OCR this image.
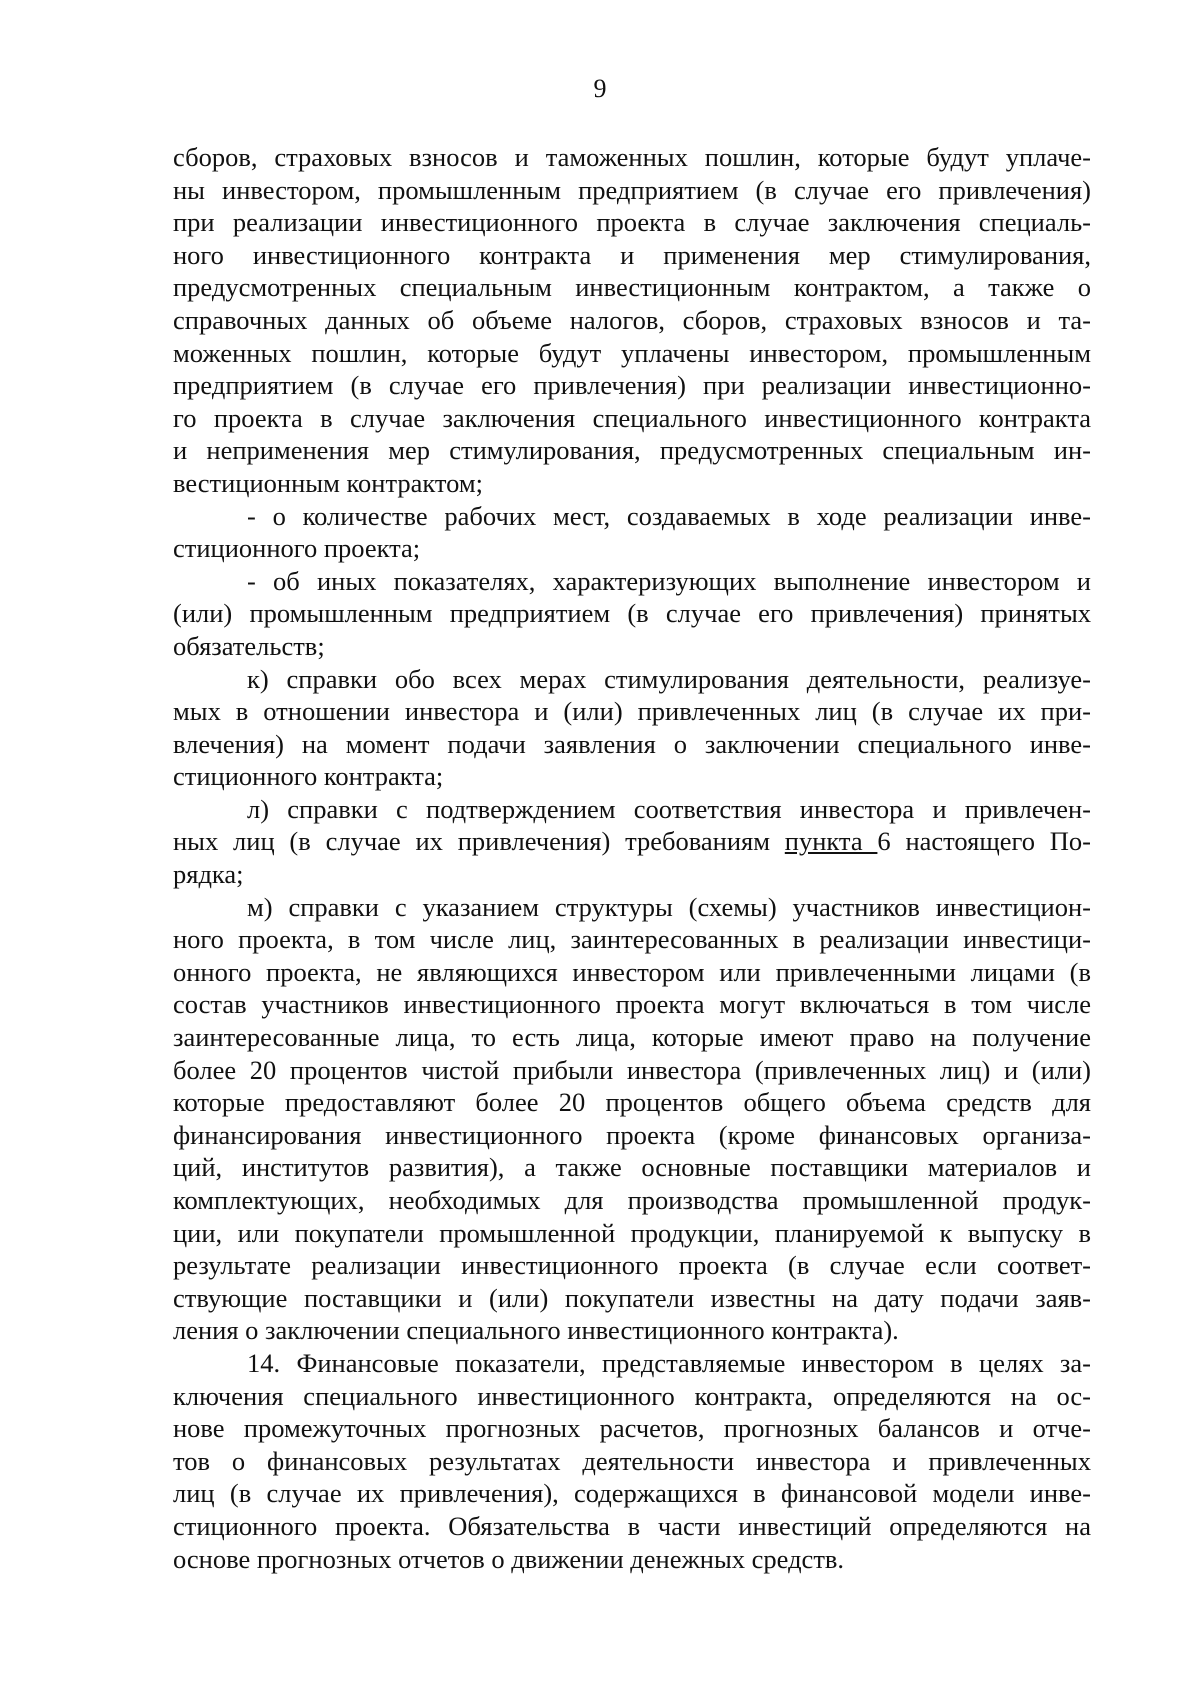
9
сборов, страховых взносов и таможенных пошлин, которые будут уплаче-
ны инвестором, промышленным предприятием (в случае его привлечения)
при реализации инвестиционного проекта в случае заключения специаль-
ного инвестиционного контракта и применения мер стимулирования,
предусмотренных специальным инвестиционным контрактом, а также о
справочных данных об объеме налогов, сборов, страховых взносов и та-
моженных пошлин, которые будут уплачены инвестором, промышленным
предприятием (в случае его привлечения) при реализации инвестиционно-
го проекта в случае заключения специального инвестиционного контракта
и неприменения мер стимулирования, предусмотренных специальным ин-
вестиционным контрактом;
- о количестве рабочих мест, создаваемых в ходе реализации инве-
стиционного проекта;
- об иных показателях, характеризующих выполнение инвестором и
(или) промышленным предприятием (в случае его привлечения) принятых
обязательств;
к) справки обо всех мерах стимулирования деятельности, реализуе-
мых в отношении инвестора и (или) привлеченных лиц (в случае их при-
влечения) на момент подачи заявления о заключении специального инве-
стиционного контракта;
л) справки с подтверждением соответствия инвестора и привлечен-
ных лиц (в случае их привлечения) требованиям пункта 6 настоящего По-
рядка;
м) справки с указанием структуры (схемы) участников инвестицион-
ного проекта, в том числе лиц, заинтересованных в реализации инвестици-
онного проекта, не являющихся инвестором или привлеченными лицами (в
состав участников инвестиционного проекта могут включаться в том числе
заинтересованные лица, то есть лица, которые имеют право на получение
более 20 процентов чистой прибыли инвестора (привлеченных лиц) и (или)
которые предоставляют более 20 процентов общего объема средств для
финансирования инвестиционного проекта (кроме финансовых организа-
ций, институтов развития), а также основные поставщики материалов и
комплектующих, необходимых для производства промышленной продук-
ции, или покупатели промышленной продукции, планируемой к выпуску в
результате реализации инвестиционного проекта (в случае если соответ-
ствующие поставщики и (или) покупатели известны на дату подачи заяв-
ления о заключении специального инвестиционного контракта).
14. Финансовые показатели, представляемые инвестором в целях за-
ключения специального инвестиционного контракта, определяются на ос-
нове промежуточных прогнозных расчетов, прогнозных балансов и отче-
тов о финансовых результатах деятельности инвестора и привлеченных
лиц (в случае их привлечения), содержащихся в финансовой модели инве-
стиционного проекта. Обязательства в части инвестиций определяются на
основе прогнозных отчетов о движении денежных средств.
